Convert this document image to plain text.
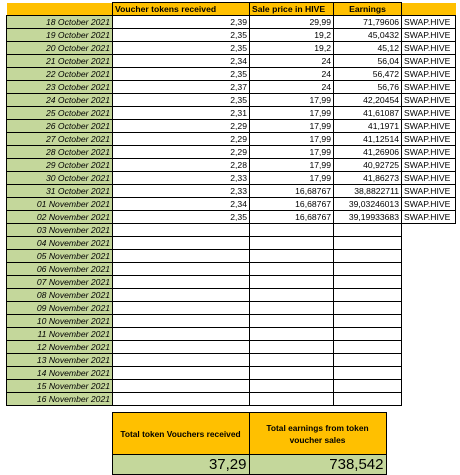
	Voucher tokens received	Sale price in HIVE	Earnings	
18 October 2021	2,39	29,99	71,79606	SWAP.HIVE
19 October 2021	2,35	19,2	45,0432	SWAP.HIVE
20 October 2021	2,35	19,2	45,12	SWAP.HIVE
21 October 2021	2,34	24	56,04	SWAP.HIVE
22 October 2021	2,35	24	56,472	SWAP.HIVE
23 October 2021	2,37	24	56,76	SWAP.HIVE
24 October 2021	2,35	17,99	42,20454	SWAP.HIVE
25 October 2021	2,31	17,99	41,61087	SWAP.HIVE
26 October 2021	2,29	17,99	41,1971	SWAP.HIVE
27 October 2021	2,29	17,99	41,12514	SWAP.HIVE
28 October 2021	2,29	17,99	41,26906	SWAP.HIVE
29 October 2021	2,28	17,99	40,92725	SWAP.HIVE
30 October 2021	2,33	17,99	41,86273	SWAP.HIVE
31 October 2021	2,33	16,68767	38,8822711	SWAP.HIVE
01 November 2021	2,34	16,68767	39,03246013	SWAP.HIVE
02 November 2021	2,35	16,68767	39,19933683	SWAP.HIVE
03 November 2021				
04 November 2021				
05 November 2021				
06 November 2021				
07 November 2021				
08 November 2021				
09 November 2021				
10 November 2021				
11 November 2021				
12 November 2021				
13 November 2021				
14 November 2021				
15 November 2021				
16 November 2021				
	Total token Vouchers received	Total earnings from token voucher sales
	37,29	738,542
